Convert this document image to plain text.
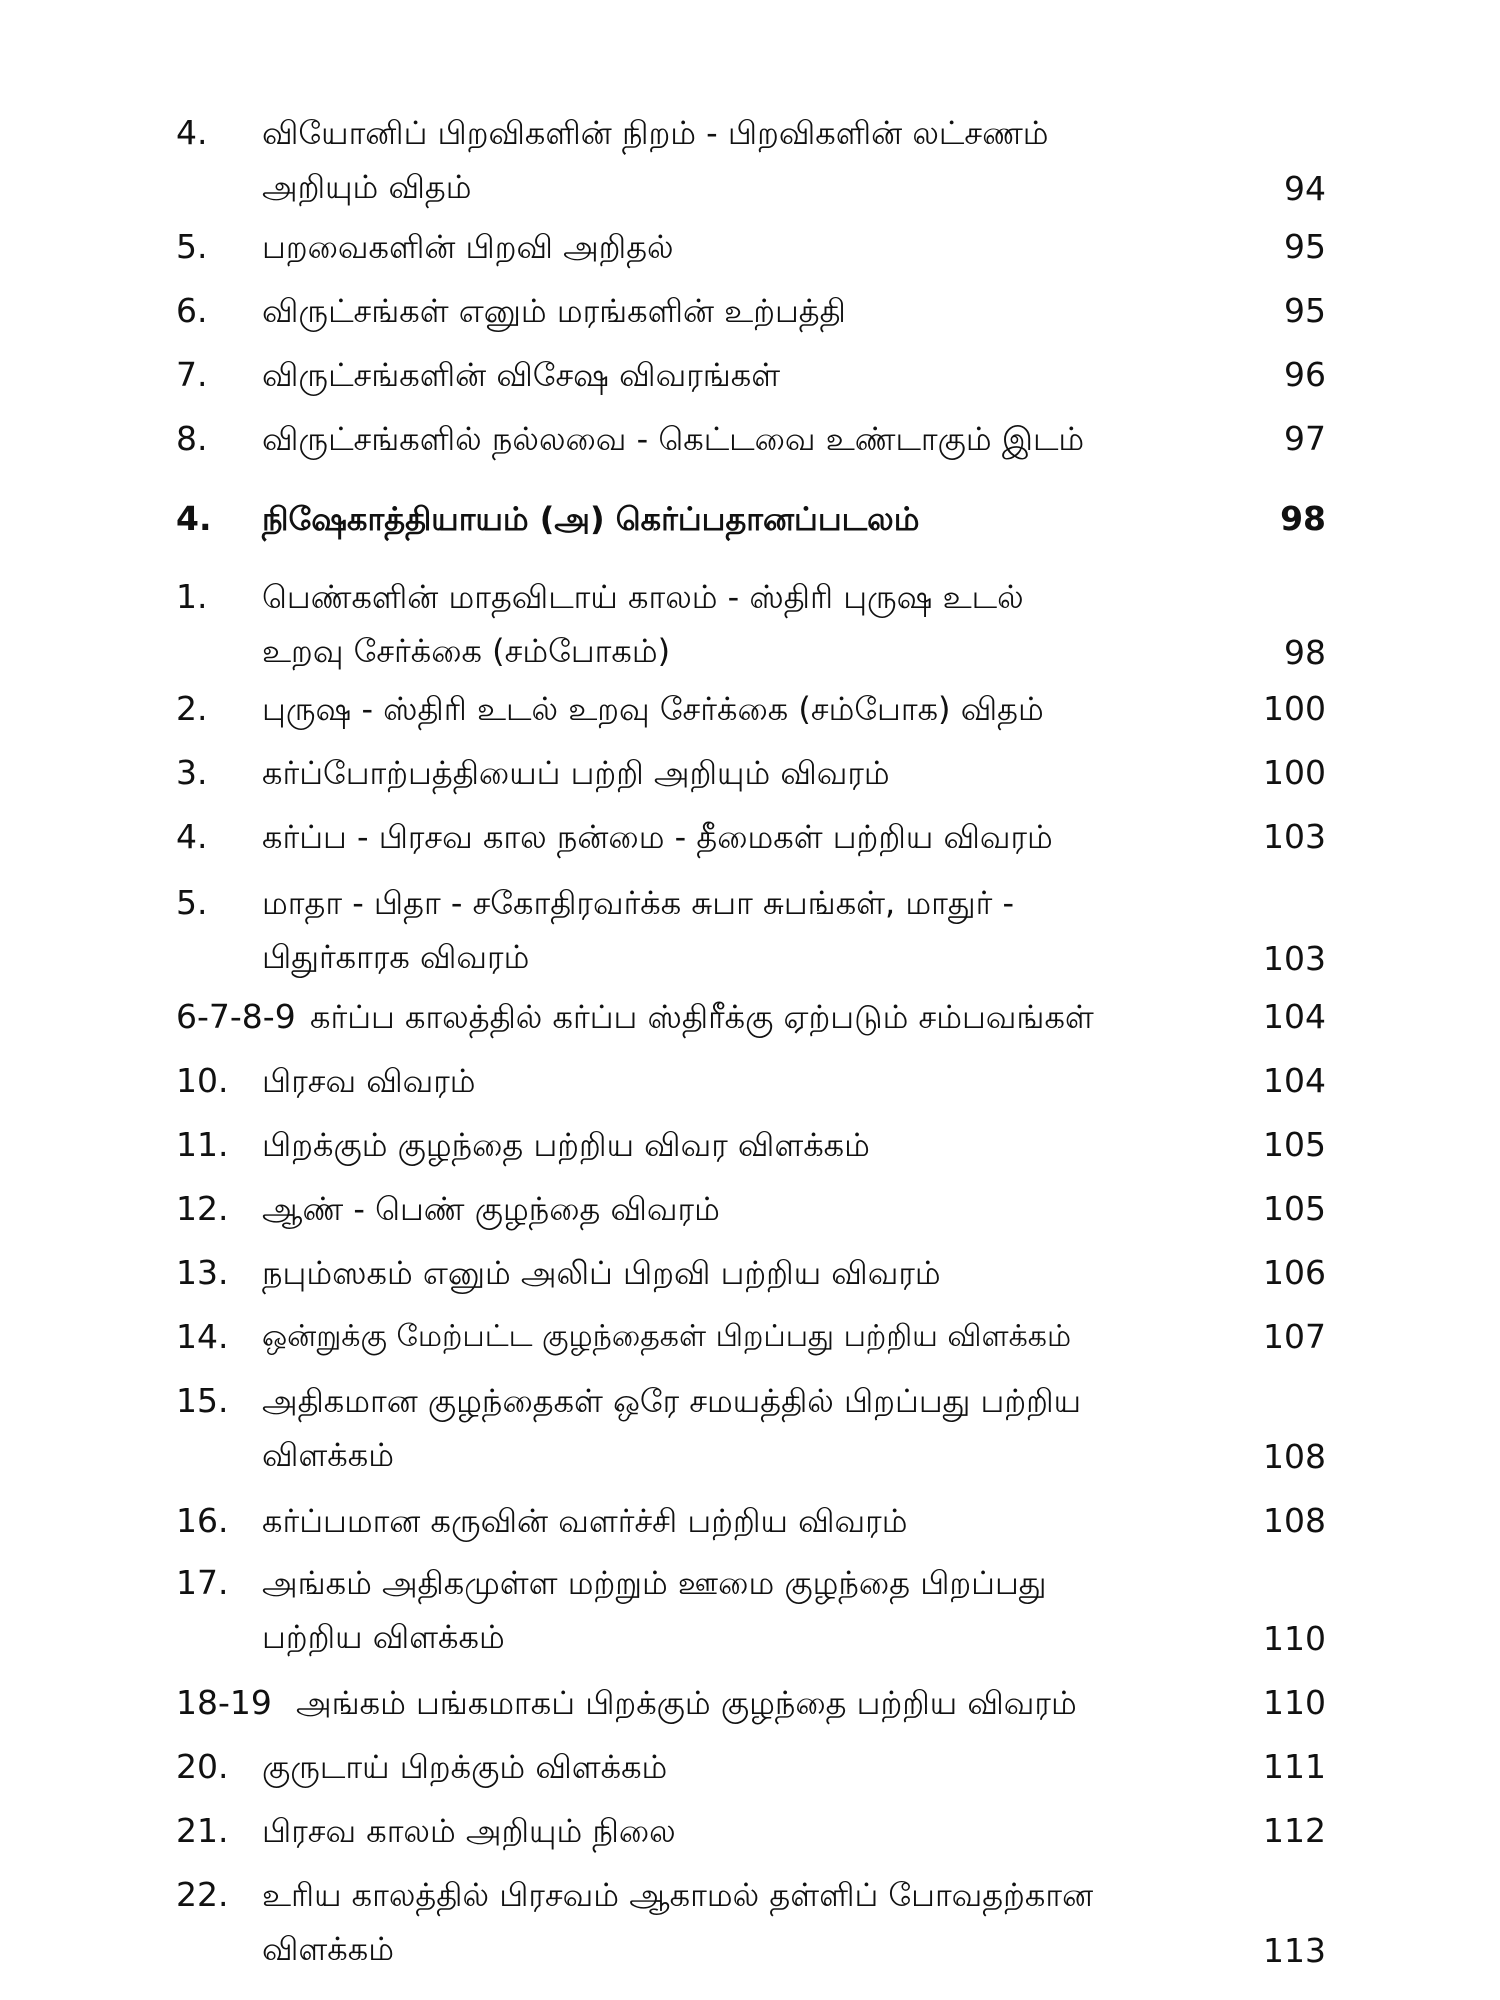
4. வியோனிப் பிறவிகளின் நிறம் - பிறவிகளின் லட்சணம் அறியும் விதம்	94
5. பறவைகளின் பிறவி அறிதல்	95
6. விருட்சங்கள் எனும் மரங்களின் உற்பத்தி	95
7. விருட்சங்களின் விசேஷ விவரங்கள்	96
8. விருட்சங்களில் நல்லவை - கெட்டவை உண்டாகும் இடம்	97
4. நிஷேகாத்தியாயம் (அ) கெர்ப்பதானப்படலம்	98
1. பெண்களின் மாதவிடாய் காலம் - ஸ்திரி புருஷ உடல் உறவு சேர்க்கை (சம்போகம்)	98
2. புருஷ - ஸ்திரி உடல் உறவு சேர்க்கை (சம்போக) விதம்	100
3. கர்ப்போற்பத்தியைப் பற்றி அறியும் விவரம்	100
4. கர்ப்ப - பிரசவ கால நன்மை - தீமைகள் பற்றிய விவரம்	103
5. மாதா - பிதா - சகோதிரவர்க்க சுபா சுபங்கள், மாதுர் - பிதுர்காரக விவரம்	103
6-7-8-9 கர்ப்ப காலத்தில் கர்ப்ப ஸ்திரீக்கு ஏற்படும் சம்பவங்கள்	104
10. பிரசவ விவரம்	104
11. பிறக்கும் குழந்தை பற்றிய விவர விளக்கம்	105
12. ஆண் - பெண் குழந்தை விவரம்	105
13. நபும்ஸகம் எனும் அலிப் பிறவி பற்றிய விவரம்	106
14. ஒன்றுக்கு மேற்பட்ட குழந்தைகள் பிறப்பது பற்றிய விளக்கம்	107
15. அதிகமான குழந்தைகள் ஒரே சமயத்தில் பிறப்பது பற்றிய விளக்கம்	108
16. கர்ப்பமான கருவின் வளர்ச்சி பற்றிய விவரம்	108
17. அங்கம் அதிகமுள்ள மற்றும் ஊமை குழந்தை பிறப்பது பற்றிய விளக்கம்	110
18-19 அங்கம் பங்கமாகப் பிறக்கும் குழந்தை பற்றிய விவரம்	110
20. குருடாய் பிறக்கும் விளக்கம்	111
21. பிரசவ காலம் அறியும் நிலை	112
22. உரிய காலத்தில் பிரசவம் ஆகாமல் தள்ளிப் போவதற்கான விளக்கம்	113
